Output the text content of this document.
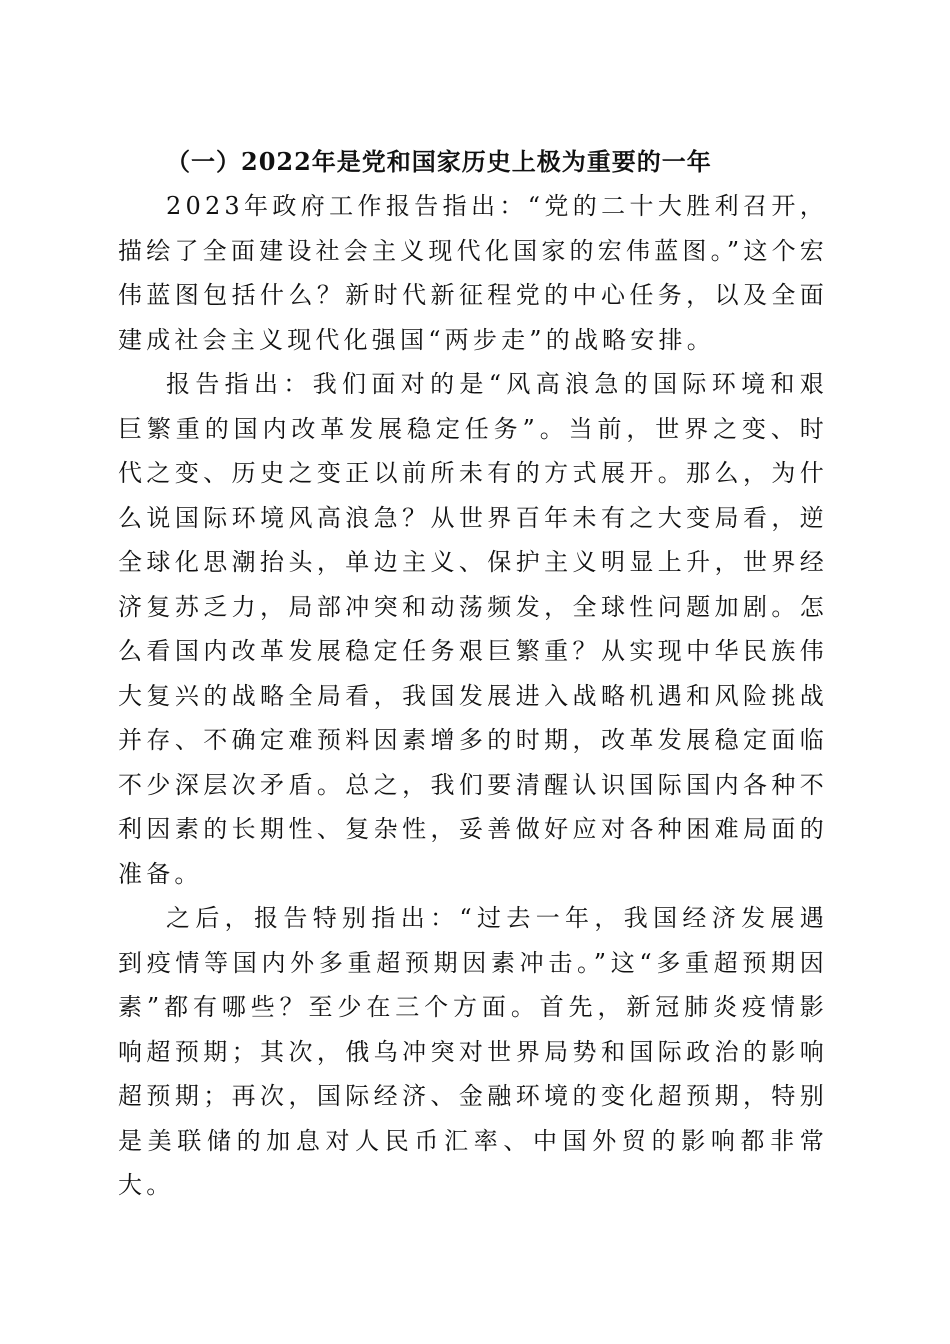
（一）2022年是党和国家历史上极为重要的一年

2023年政府工作报告指出：“党的二十大胜利召开，描绘了全面建设社会主义现代化国家的宏伟蓝图。”这个宏伟蓝图包括什么？新时代新征程党的中心任务，以及全面建成社会主义现代化强国“两步走”的战略安排。

报告指出：我们面对的是“风高浪急的国际环境和艰巨繁重的国内改革发展稳定任务”。当前，世界之变、时代之变、历史之变正以前所未有的方式展开。那么，为什么说国际环境风高浪急？从世界百年未有之大变局看，逆全球化思潮抬头，单边主义、保护主义明显上升，世界经济复苏乏力，局部冲突和动荡频发，全球性问题加剧。怎么看国内改革发展稳定任务艰巨繁重？从实现中华民族伟大复兴的战略全局看，我国发展进入战略机遇和风险挑战并存、不确定难预料因素增多的时期，改革发展稳定面临不少深层次矛盾。总之，我们要清醒认识国际国内各种不利因素的长期性、复杂性，妥善做好应对各种困难局面的准备。

之后，报告特别指出：“过去一年，我国经济发展遇到疫情等国内外多重超预期因素冲击。”这“多重超预期因素”都有哪些？至少在三个方面。首先，新冠肺炎疫情影响超预期；其次，俄乌冲突对世界局势和国际政治的影响超预期；再次，国际经济、金融环境的变化超预期，特别是美联储的加息对人民币汇率、中国外贸的影响都非常大。
